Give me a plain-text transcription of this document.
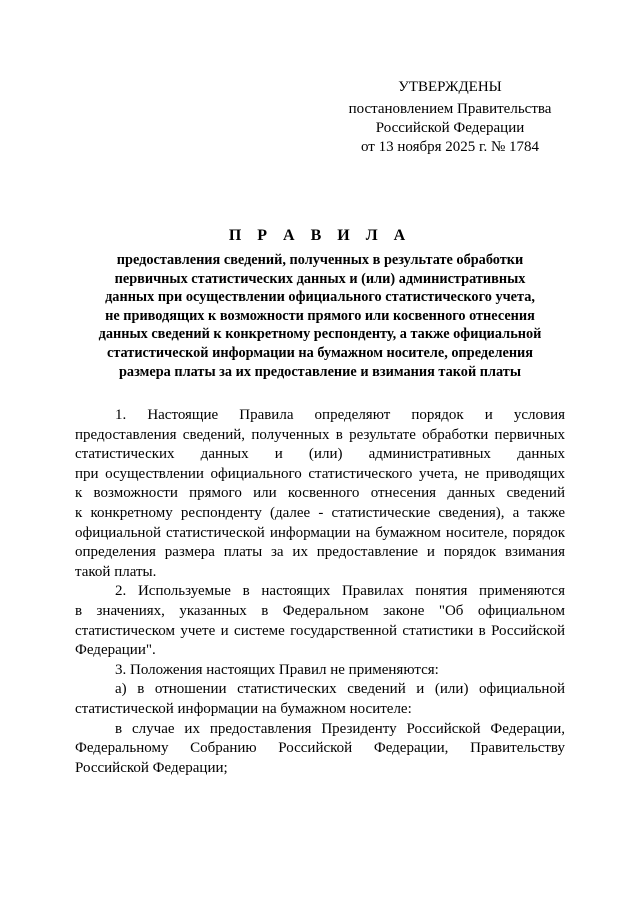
УТВЕРЖДЕНЫ
постановлением Правительства
Российской Федерации
от 13 ноября 2025 г. № 1784
П Р А В И Л А
предоставления сведений, полученных в результате обработки
первичных статистических данных и (или) административных
данных при осуществлении официального статистического учета,
не приводящих к возможности прямого или косвенного отнесения
данных сведений к конкретному респонденту, а также официальной
статистической информации на бумажном носителе, определения
размера платы за их предоставление и взимания такой платы
1. Настоящие Правила определяют порядок и условия
предоставления сведений, полученных в результате обработки первичных
статистических данных и (или) административных данных
при осуществлении официального статистического учета, не приводящих
к возможности прямого или косвенного отнесения данных сведений
к конкретному респонденту (далее - статистические сведения), а также
официальной статистической информации на бумажном носителе, порядок
определения размера платы за их предоставление и порядок взимания
такой платы.
2. Используемые в настоящих Правилах понятия применяются
в значениях, указанных в Федеральном законе "Об официальном
статистическом учете и системе государственной статистики в Российской
Федерации".
3. Положения настоящих Правил не применяются:
а) в отношении статистических сведений и (или) официальной
статистической информации на бумажном носителе:
в случае их предоставления Президенту Российской Федерации,
Федеральному Собранию Российской Федерации, Правительству
Российской Федерации;
